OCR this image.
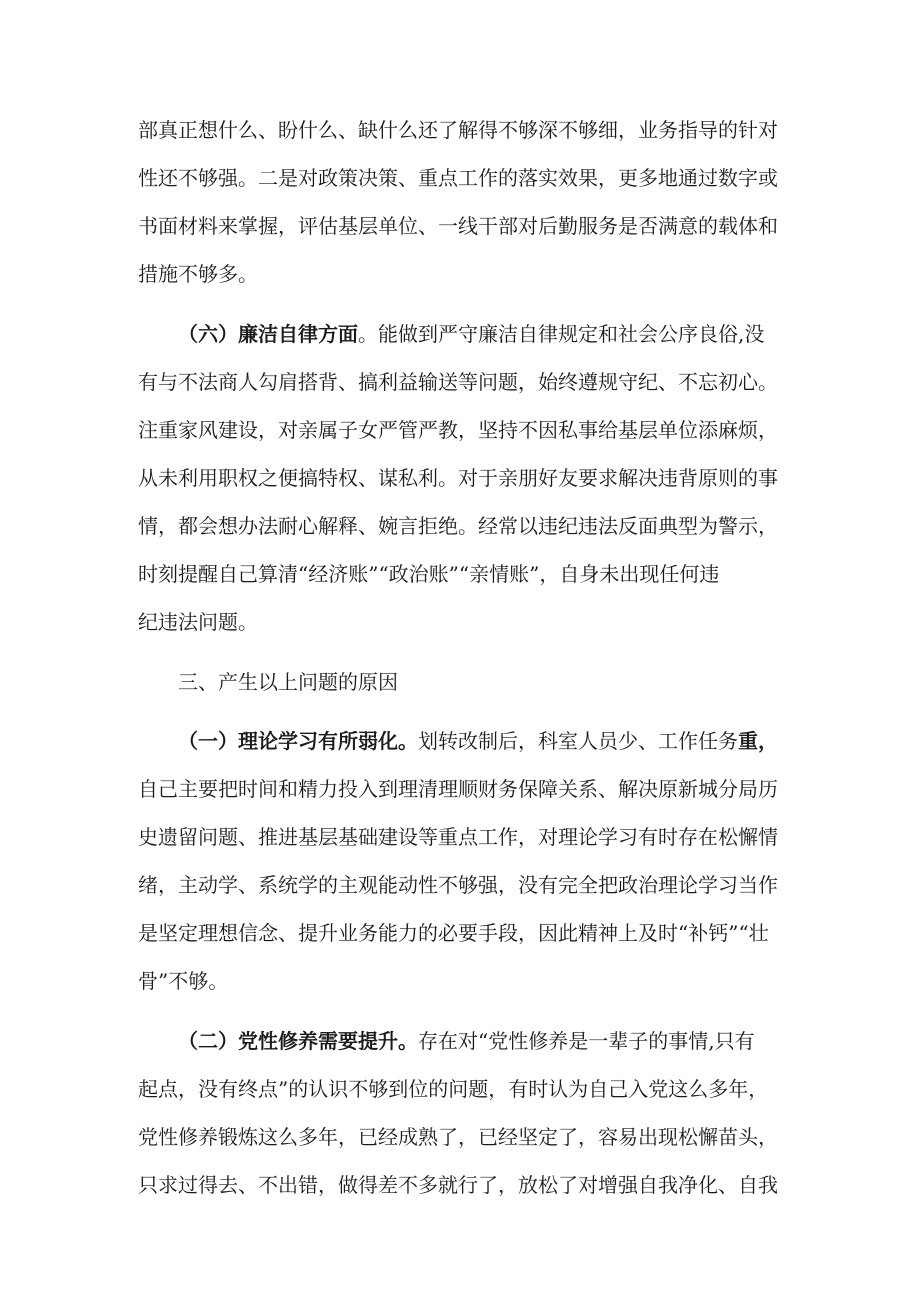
部真正想什么、盼什么、缺什么还了解得不够深不够细，业务指导的针对
性还不够强。二是对政策决策、重点工作的落实效果，更多地通过数字或
书面材料来掌握，评估基层单位、一线干部对后勤服务是否满意的载体和
措施不够多。
（六）廉洁自律方面。能做到严守廉洁自律规定和社会公序良俗,没
有与不法商人勾肩搭背、搞利益输送等问题，始终遵规守纪、不忘初心。
注重家风建设，对亲属子女严管严教，坚持不因私事给基层单位添麻烦，
从未利用职权之便搞特权、谋私利。对于亲朋好友要求解决违背原则的事
情，都会想办法耐心解释、婉言拒绝。经常以违纪违法反面典型为警示，
时刻提醒自己算清“经济账”“政治账”“亲情账”，自身未出现任何违
纪违法问题。
三、产生以上问题的原因
（一）理论学习有所弱化。划转改制后，科室人员少、工作任务重，
自己主要把时间和精力投入到理清理顺财务保障关系、解决原新城分局历
史遗留问题、推进基层基础建设等重点工作，对理论学习有时存在松懈情
绪，主动学、系统学的主观能动性不够强，没有完全把政治理论学习当作
是坚定理想信念、提升业务能力的必要手段，因此精神上及时“补钙”“壮
骨”不够。
（二）党性修养需要提升。存在对“党性修养是一辈子的事情,只有
起点，没有终点”的认识不够到位的问题，有时认为自己入党这么多年，
党性修养锻炼这么多年，已经成熟了，已经坚定了，容易出现松懈苗头，
只求过得去、不出错，做得差不多就行了，放松了对增强自我净化、自我
